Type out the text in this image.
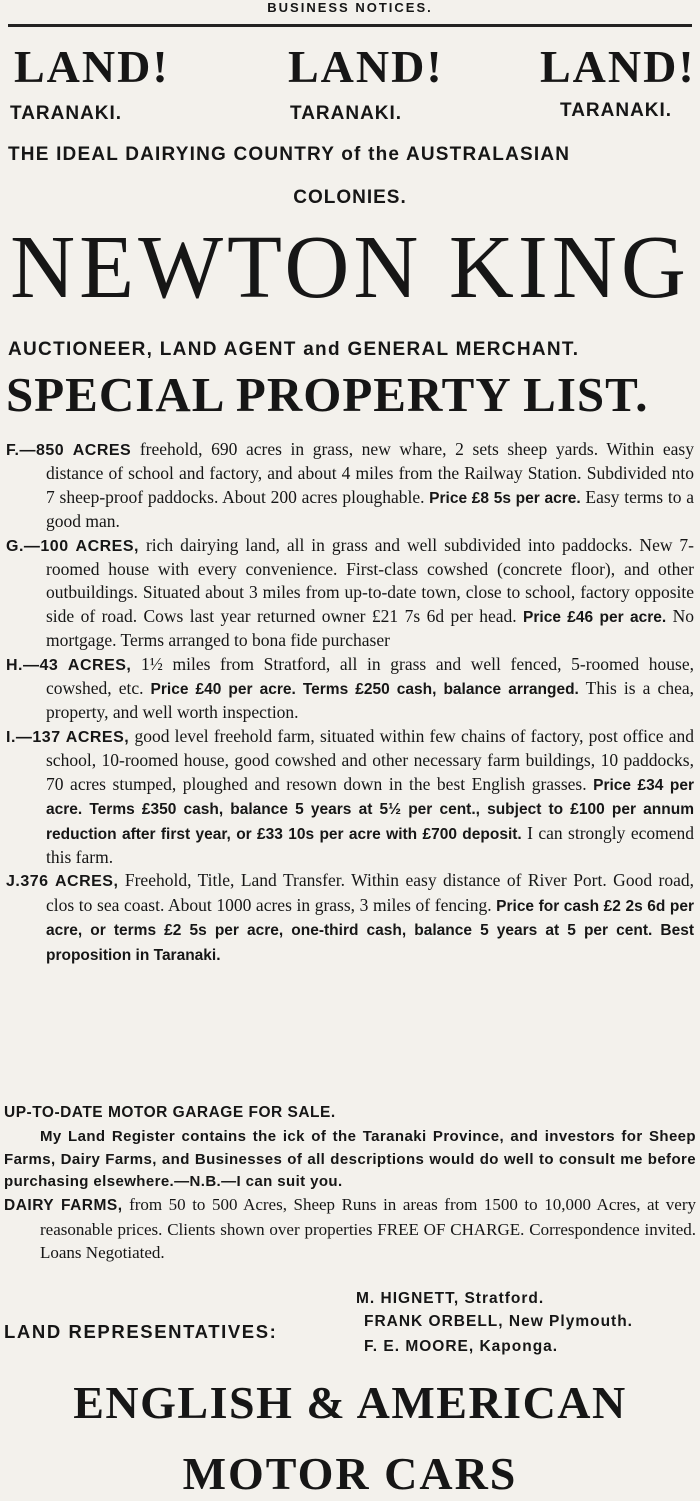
BUSINESS NOTICES.
LAND!	LAND! LAND!
TARANAKI.	TARANAKI.	TARANAKI.
THE IDEAL DAIRYING COUNTRY of the AUSTRALASIAN
COLONIES.
NEWTON KING
AUCTIONEER, LAND AGENT and GENERAL MERCHANT.
SPECIAL PROPERTY LIST.
F.—850 ACRES freehold, 690 acres in grass, new whare, 2 sets sheep yards. Within easy distance of school and factory, and about 4 miles from the Railway Station. Subdivided nto 7 sheep-proof paddocks. About 200 acres ploughable. Price £8 5s per acre. Easy terms to a good man.
G.—100 ACRES, rich dairying land, all in grass and well subdivided into paddocks. New 7-roomed house with every convenience. First-class cowshed (concrete floor), and other outbuildings. Situated about 3 miles from up-to-date town, close to school, factory opposite side of road. Cows last year returned owner £21 7s 6d per head. Price £46 per acre. No mortgage. Terms arranged to bona fide purchaser
H.—43 ACRES, 1½ miles from Stratford, all in grass and well fenced, 5-roomed house, cowshed, etc. Price £40 per acre. Terms £250 cash, balance arranged. This is a chea, property, and well worth inspection.
I.—137 ACRES, good level freehold farm, situated within few chains of factory, post office and school, 10-roomed house, good cowshed and other necessary farm buildings, 10 paddocks, 70 acres stumped, ploughed and resown down in the best English grasses. Price £34 per acre. Terms £350 cash, balance 5 years at 5½ per cent., subject to £100 per annum reduction after first year, or £33 10s per acre with £700 deposit. I can strongly ecomend this farm.
J.376 ACRES, Freehold, Title, Land Transfer. Within easy distance of River Port. Good road, clos to sea coast. About 1000 acres in grass, 3 miles of fencing. Price for cash £2 2s 6d per acre, or terms £2 5s per acre, one-third cash, balance 5 years at 5 per cent. Best proposition in Taranaki.
UP-TO-DATE MOTOR GARAGE FOR SALE.
My Land Register contains the ick of the Taranaki Province, and investors for Sheep Farms, Dairy Farms, and Businesses of all descriptions would do well to consult me before purchasing elsewhere.—N.B.—I can suit you.
DAIRY FARMS, from 50 to 500 Acres, Sheep Runs in areas from 1500 to 10,000 Acres, at very reasonable prices. Clients shown over properties FREE OF CHARGE. Correspondence invited. Loans Negotiated.
M. HIGNETT, Stratford.
LAND REPRESENTATIVES:	FRANK ORBELL, New Plymouth.
F. E. MOORE, Kaponga.
ENGLISH & AMERICAN
MOTOR CARS
